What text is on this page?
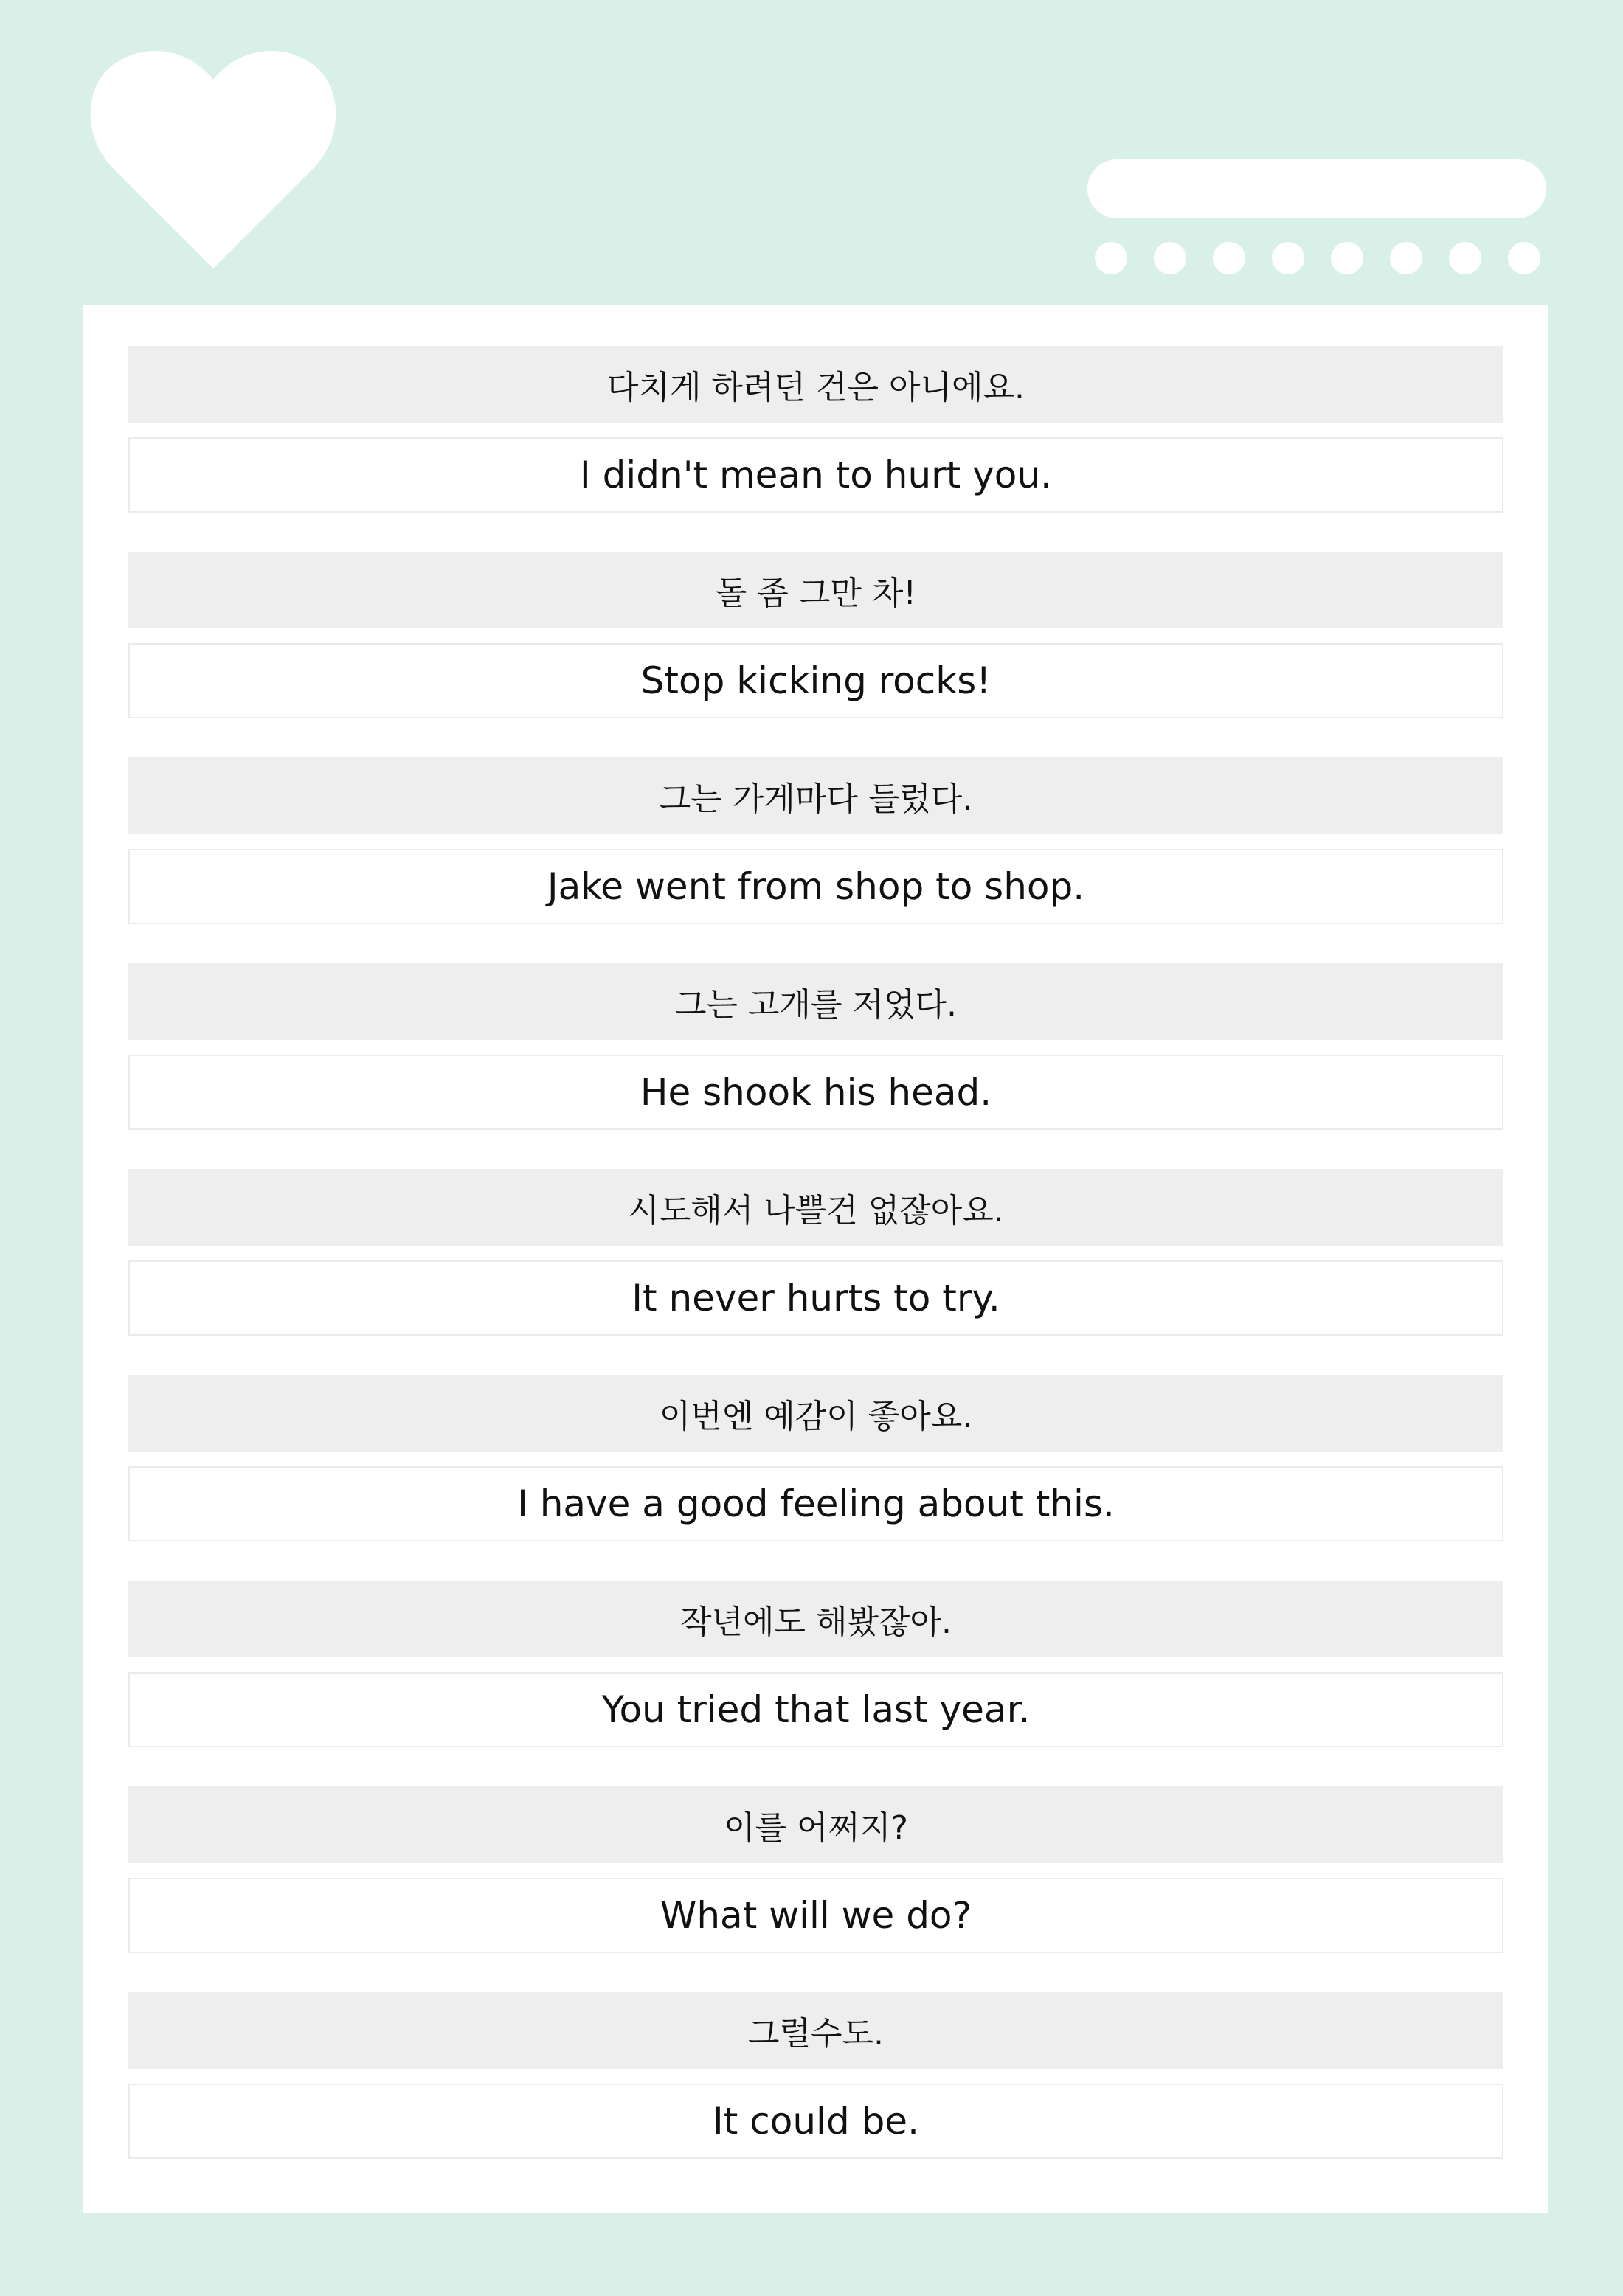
다치게 하려던 건은 아니에요.
I didn't mean to hurt you.
돌 좀 그만 차!
Stop kicking rocks!
그는 가게마다 들렀다.
Jake went from shop to shop.
그는 고개를 저었다.
He shook his head.
시도해서 나쁠건 없잖아요.
It never hurts to try.
이번엔 예감이 좋아요.
I have a good feeling about this.
작년에도 해봤잖아.
You tried that last year.
이를 어쩌지?
What will we do?
그럴수도.
It could be.
